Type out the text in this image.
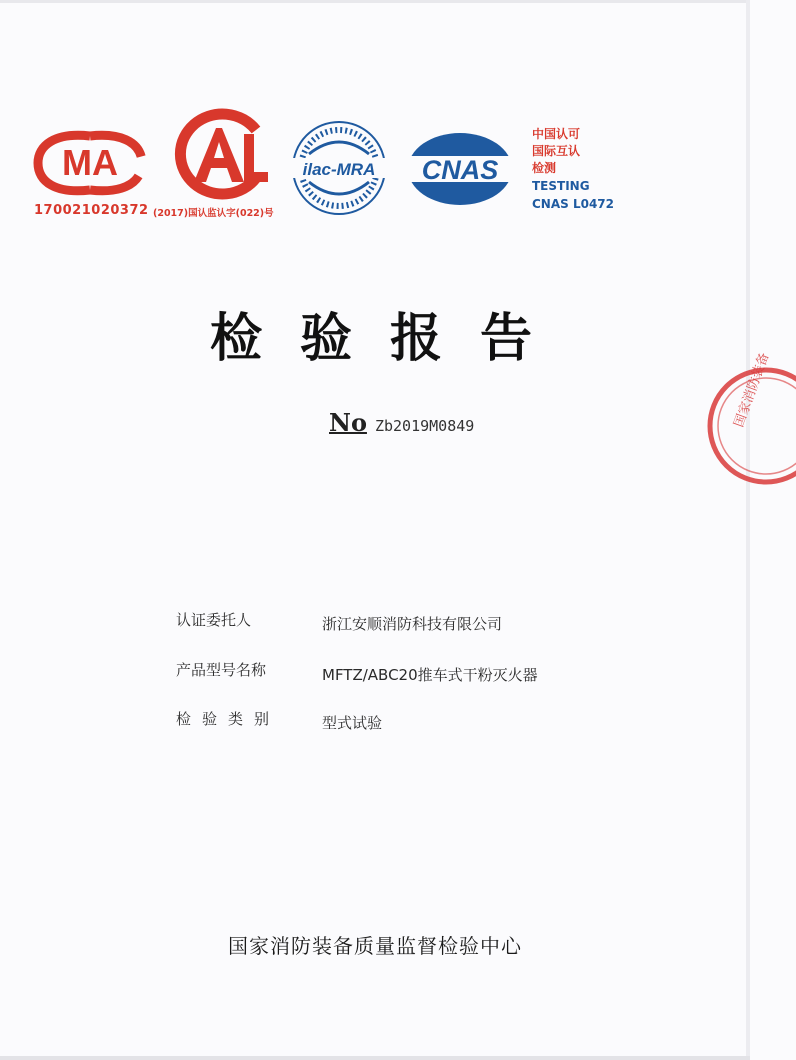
MA	ilac-MRA CNAS
170021020372 (2017)国认监认字(022)号
中国认可
国际互认
检测
TESTING
CNAS L0472
检验报告
No Zb2019M0849
认证委托人	浙江安顺消防科技有限公司
产品型号名称	MFTZ/ABC20推车式干粉灭火器
检验类别	型式试验
国家消防装备质量监督检验中心
国家消防装备
